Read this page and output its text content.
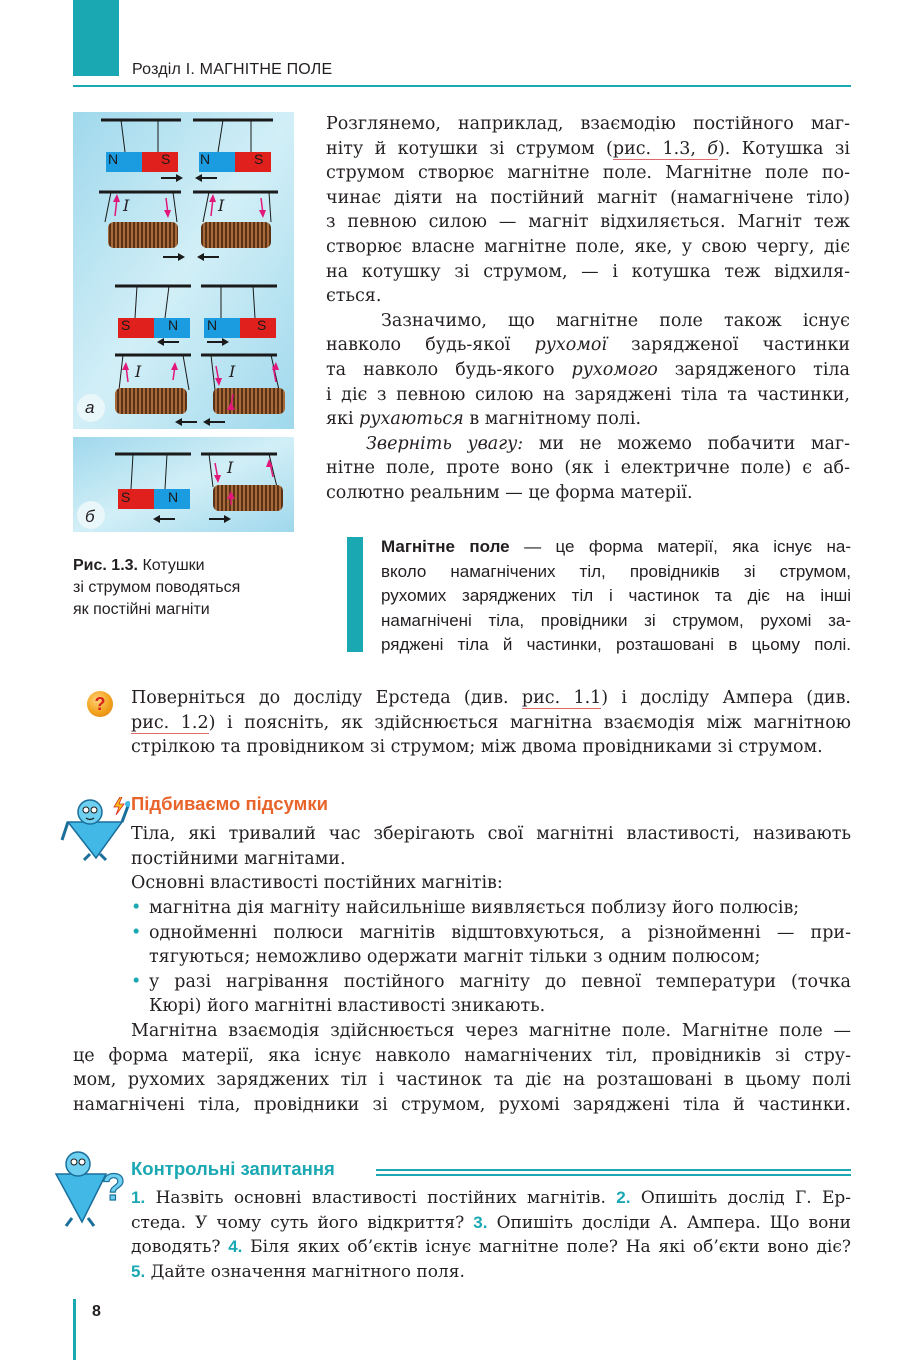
Розділ І. МАГНІТНЕ ПОЛЕ
N	S N	S
S	N N	S
I	I
I	I
а
S	N
I
б
Рис. 1.3. Котушки
зі струмом поводяться
як постійні магніти
Розглянемо, наприклад, взаємодію постійного маг-
ніту й котушки зі струмом (рис. 1.3, б). Котушка зі
струмом створює магнітне поле. Магнітне поле по-
чинає діяти на постійний магніт (намагнічене тіло)
з певною силою — магніт відхиляється. Магніт теж
створює власне магнітне поле, яке, у свою чергу, діє
на котушку зі струмом, — і котушка теж відхиля-
ється.
Зазначимо, що магнітне поле також існує
навколо будь-якої рухомої зарядженої частинки
та навколо будь-якого рухомого зарядженого тіла
і діє з певною силою на заряджені тіла та частинки,
які рухаються в магнітному полі.
Зверніть увагу: ми не можемо побачити маг-
нітне поле, проте воно (як і електричне поле) є аб-
солютно реальним — це форма матерії.
Магнітне поле — це форма матерії, яка існує на-
вколо намагнічених тіл, провідників зі струмом,
рухомих заряджених тіл і частинок та діє на інші
намагнічені тіла, провідники зі струмом, рухомі за-
ряджені тіла й частинки, розташовані в цьому полі.
?	Поверніться до досліду Ерстеда (див. рис. 1.1) і досліду Ампера (див.
рис. 1.2) і поясніть, як здійснюється магнітна взаємодія між магнітною
стрілкою та провідником зі струмом; між двома провідниками зі струмом.
Підбиваємо підсумки
Тіла, які тривалий час зберігають свої магнітні властивості, називають
постійними магнітами.
Основні властивості постійних магнітів:
• магнітна дія магніту найсильніше виявляється поблизу його полюсів;
• однойменні полюси магнітів відштовхуються, а різнойменні — при-
тягуються; неможливо одержати магніт тільки з одним полюсом;
• у разі нагрівання постійного магніту до певної температури (точка
Кюрі) його магнітні властивості зникають.
Магнітна взаємодія здійснюється через магнітне поле. Магнітне поле —
це форма матерії, яка існує навколо намагнічених тіл, провідників зі стру-
мом, рухомих заряджених тіл і частинок та діє на розташовані в цьому полі
намагнічені тіла, провідники зі струмом, рухомі заряджені тіла й частинки.
? Контрольні запитання
1. Назвіть основні властивості постійних магнітів. 2. Опишіть дослід Г. Ер-
стеда. У чому суть його відкриття? 3. Опишіть досліди А. Ампера. Що вони
доводять? 4. Біля яких об’єктів існує магнітне поле? На які об’єкти воно діє?
5. Дайте означення магнітного поля.
8
